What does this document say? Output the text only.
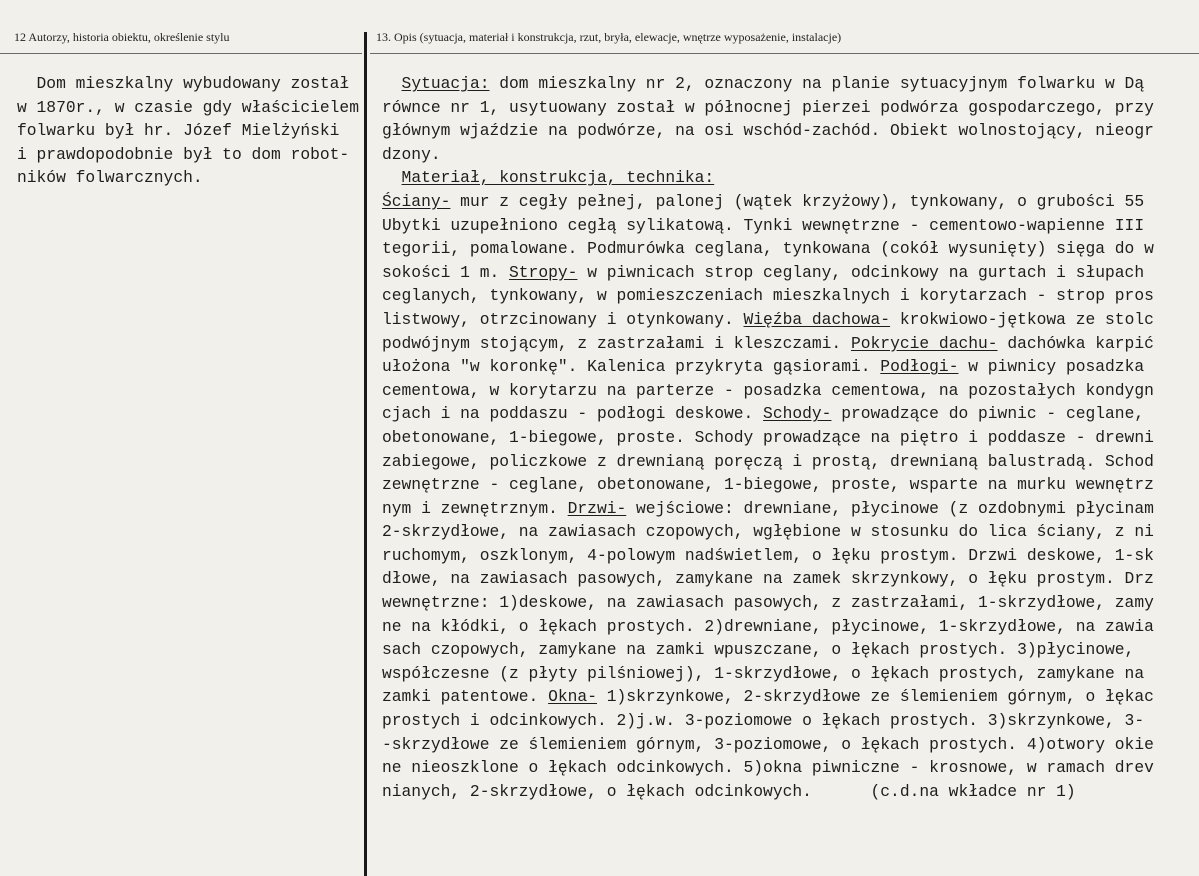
12 Autorzy, historia obiektu, określenie stylu	13. Opis (sytuacja, materiał i konstrukcja, rzut, bryła, elewacje, wnętrze wyposażenie, instalacje)
Dom mieszkalny wybudowany został
w 1870r., w czasie gdy właścicielem
folwarku był hr. Józef Mielżyński
i prawdopodobnie był to dom robot-
ników folwarcznych.
Sytuacja: dom mieszkalny nr 2, oznaczony na planie sytuacyjnym folwarku w Dą
równce nr 1, usytuowany został w północnej pierzei podwórza gospodarczego, przy
głównym wjaździe na podwórze, na osi wschód-zachód. Obiekt wolnostojący, nieogr
dzony.
Materiał, konstrukcja, technika:
Ściany- mur z cegły pełnej, palonej (wątek krzyżowy), tynkowany, o grubości 55
Ubytki uzupełniono cegłą sylikatową. Tynki wewnętrzne - cementowo-wapienne III
tegorii, pomalowane. Podmurówka ceglana, tynkowana (cokół wysunięty) sięga do w
sokości 1 m. Stropy- w piwnicach strop ceglany, odcinkowy na gurtach i słupach
ceglanych, tynkowany, w pomieszczeniach mieszkalnych i korytarzach - strop pros
listwowy, otrzcinowany i otynkowany. Więźba dachowa- krokwiowo-jętkowa ze stolc
podwójnym stojącym, z zastrzałami i kleszczami. Pokrycie dachu- dachówka karpić
ułożona "w koronkę". Kalenica przykryta gąsiorami. Podłogi- w piwnicy posadzka
cementowa, w korytarzu na parterze - posadzka cementowa, na pozostałych kondygn
cjach i na poddaszu - podłogi deskowe. Schody- prowadzące do piwnic - ceglane,
obetonowane, 1-biegowe, proste. Schody prowadzące na piętro i poddasze - drewni
zabiegowe, policzkowe z drewnianą poręczą i prostą, drewnianą balustradą. Schod
zewnętrzne - ceglane, obetonowane, 1-biegowe, proste, wsparte na murku wewnętrz
nym i zewnętrznym. Drzwi- wejściowe: drewniane, płycinowe (z ozdobnymi płycinam
2-skrzydłowe, na zawiasach czopowych, wgłębione w stosunku do lica ściany, z ni
ruchomym, oszklonym, 4-polowym nadświetlem, o łęku prostym. Drzwi deskowe, 1-sk
dłowe, na zawiasach pasowych, zamykane na zamek skrzynkowy, o łęku prostym. Drz
wewnętrzne: 1)deskowe, na zawiasach pasowych, z zastrzałami, 1-skrzydłowe, zamy
ne na kłódki, o łękach prostych. 2)drewniane, płycinowe, 1-skrzydłowe, na zawia
sach czopowych, zamykane na zamki wpuszczane, o łękach prostych. 3)płycinowe,
współczesne (z płyty pilśniowej), 1-skrzydłowe, o łękach prostych, zamykane na
zamki patentowe. Okna- 1)skrzynkowe, 2-skrzydłowe ze ślemieniem górnym, o łękac
prostych i odcinkowych. 2)j.w. 3-poziomowe o łękach prostych. 3)skrzynkowe, 3-
-skrzydłowe ze ślemieniem górnym, 3-poziomowe, o łękach prostych. 4)otwory okie
ne nieoszklone o łękach odcinkowych. 5)okna piwniczne - krosnowe, w ramach drev
nianych, 2-skrzydłowe, o łękach odcinkowych.      (c.d.na wkładce nr 1)
